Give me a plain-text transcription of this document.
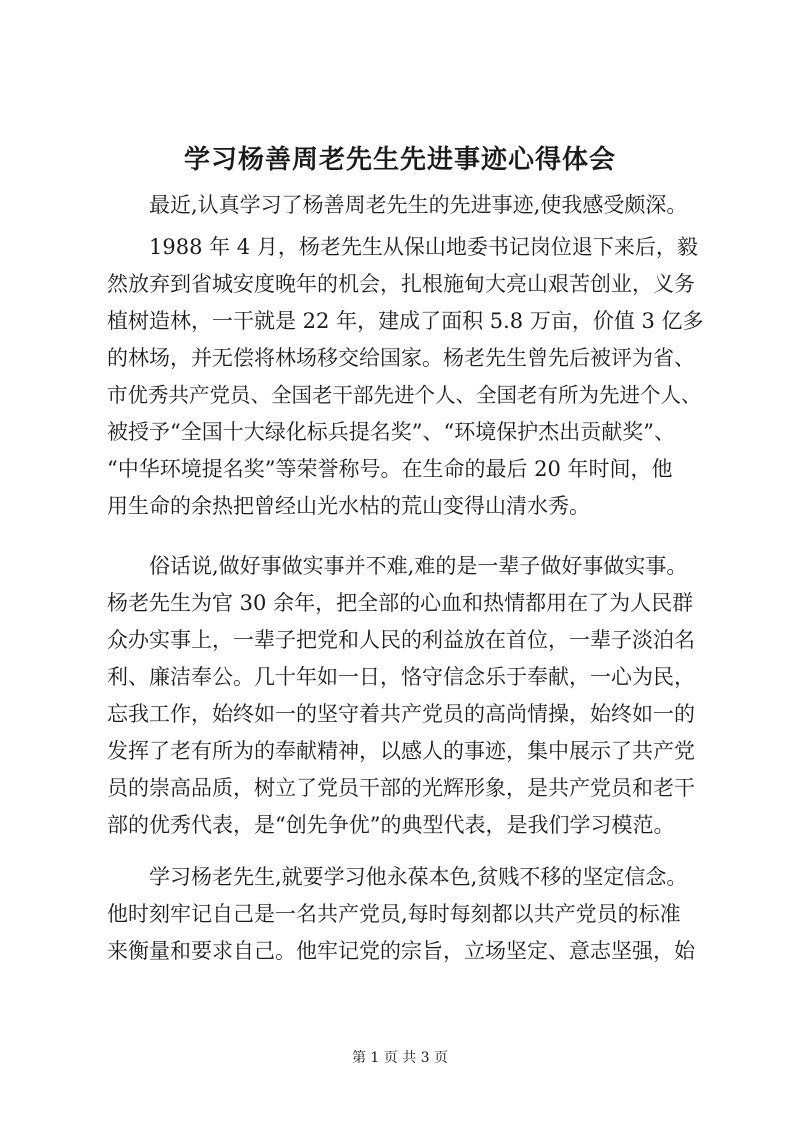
学习杨善周老先生先进事迹心得体会
最近,认真学习了杨善周老先生的先进事迹,使我感受颇深。
1988 年 4 月，杨老先生从保山地委书记岗位退下来后，毅
然放弃到省城安度晚年的机会，扎根施甸大亮山艰苦创业，义务
植树造林，一干就是 22 年，建成了面积 5.8 万亩，价值 3 亿多
的林场，并无偿将林场移交给国家。杨老先生曾先后被评为省、
市优秀共产党员、全国老干部先进个人、全国老有所为先进个人、
被授予“全国十大绿化标兵提名奖”、“环境保护杰出贡献奖”、
“中华环境提名奖”等荣誉称号。在生命的最后 20 年时间，他
用生命的余热把曾经山光水枯的荒山变得山清水秀。
俗话说,做好事做实事并不难,难的是一辈子做好事做实事。
杨老先生为官 30 余年，把全部的心血和热情都用在了为人民群
众办实事上，一辈子把党和人民的利益放在首位，一辈子淡泊名
利、廉洁奉公。几十年如一日，恪守信念乐于奉献，一心为民，
忘我工作，始终如一的坚守着共产党员的高尚情操，始终如一的
发挥了老有所为的奉献精神，以感人的事迹，集中展示了共产党
员的崇高品质，树立了党员干部的光辉形象，是共产党员和老干
部的优秀代表，是“创先争优”的典型代表，是我们学习模范。
学习杨老先生,就要学习他永葆本色,贫贱不移的坚定信念。
他时刻牢记自己是一名共产党员,每时每刻都以共产党员的标准
来衡量和要求自己。他牢记党的宗旨，立场坚定、意志坚强，始
第 1 页 共 3 页
